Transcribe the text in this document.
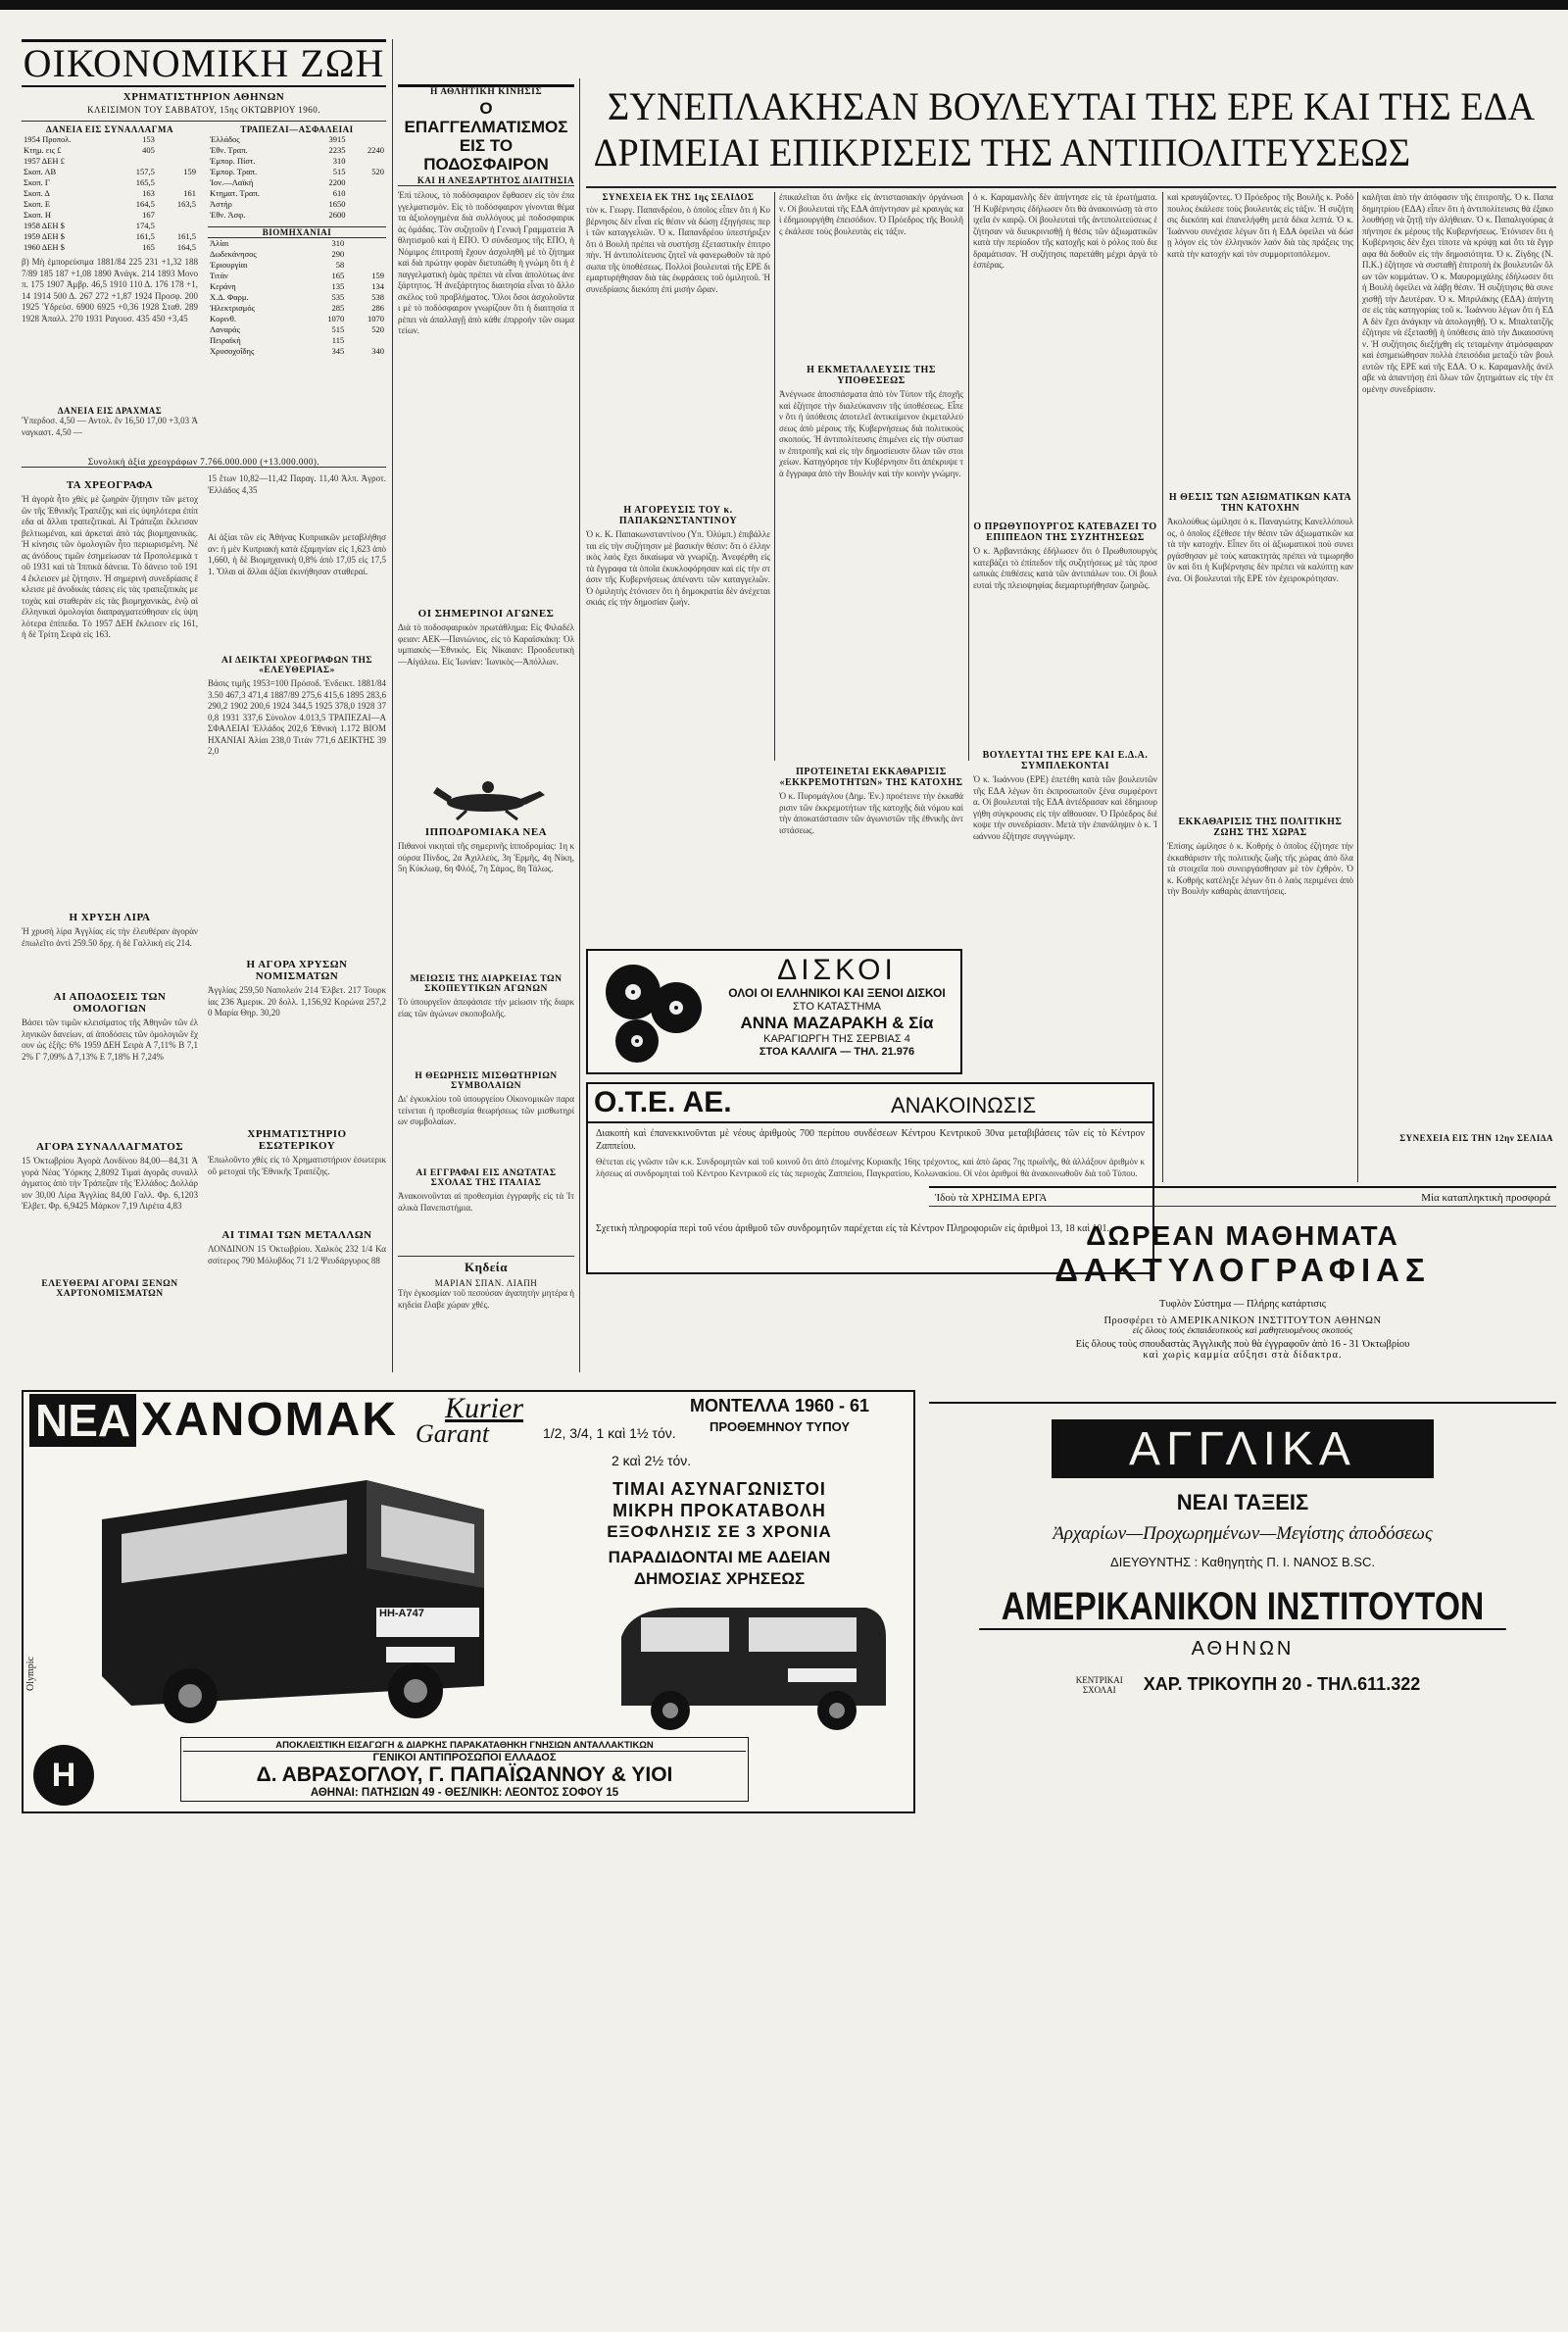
ΟΙΚΟΝΟΜΙΚΗ ΖΩΗ
ΧΡΗΜΑΤΙΣΤΗΡΙΟΝ ΑΘΗΝΩΝ
ΚΛΕΙΣΙΜΟΝ ΤΟΥ ΣΑΒΒΑΤΟΥ, 15ης ΟΚΤΩΒΡΙΟΥ 1960.
ΔΑΝΕΙΑ ΕΙΣ ΣΥΝΑΛΛΑΓΜΑ
1954 Προπολ.	153	
Κτημ. εις £	405	
1957 ΔΕΗ £		
Σκοπ. ΑΒ	157,5	159
Σκοπ. Γ	165,5	
Σκοπ. Δ	163	161
Σκοπ. Ε	164,5	163,5
Σκοπ. Η	167	
1958 ΔΕΗ $	174,5	
1959 ΔΕΗ $	161,5	161,5
1960 ΔΕΗ $	165	164,5
β) Μὴ ἐμπορεύσιμα 1881/84 225 231 +1,32 1887/89 185 187 +1,08 1890 Ἀνάγκ. 214 1893 Μονοπ. 175 1907 Ἀμβρ. 46,5 1910 110 Δ. 176 178 +1,14 1914 500 Δ. 267 272 +1,87 1924 Προσφ. 200 1925 Ὑδρεύσ. 6900 6925 +0,36 1928 Σταθ. 289 1928 Ἀπαλλ. 270 1931 Ραγουσ. 435 450 +3,45
ΔΑΝΕΙΑ ΕΙΣ ΔΡΑΧΜΑΣ
Ὑπερδοσ. 4,50 — Αντολ. ἔν 16,50 17,00 +3,03 Ἀναγκαστ. 4,50 —
ΤΡΑΠΕΖΑΙ—ΑΣΦΑΛΕΙΑΙ
Ἑλλάδος	3915	
Ἐθν. Τραπ.	2235	2240
Ἐμπορ. Πίστ.	310	
Ἐμπορ. Τραπ.	515	520
Ἰον.—Λαϊκή	2200	
Κτηματ. Τραπ.	610	
Ἀστήρ	1650	
Ἐθν. Ἀσφ.	2600	
ΒΙΟΜΗΧΑΝΙΑΙ
Ἀλίαι	310	
Δωδεκάνησος	290	
Ἐριουργίαι	58	
Τιτάν	165	159
Κεράνη	135	134
Χ.Δ. Φαρμ.	535	538
Ἠλεκτρισμός	285	286
Κορινθ.	1070	1070
Λαναράς	515	520
Πειραϊκή	115	
Χρυσοχοΐδης	345	340
Συνολικὴ ἀξία χρεογράφων 7.766.000.000 (+13.000.000).
ΤΑ ΧΡΕΟΓΡΑΦΑ
Ἡ ἀγορὰ ἦτο χθὲς μὲ ζωηρὰν ζήτησιν τῶν μετοχῶν τῆς Ἐθνικῆς Τραπέζης καὶ εἰς ὑψηλότερα ἐπίπεδα αἱ ἄλλαι τραπεζιτικαὶ. Αἱ Τράπεζαι ἔκλεισαν βελτιωμέναι, καὶ ἀρκεταὶ ἀπὸ τὰς βιομηχανικὰς. Ἡ κίνησις τῶν ὁμολογιῶν ἦτο περιωρισμένη. Νέας ἀνόδους τιμῶν ἐσημείωσαν τὰ Προπολεμικὰ τοῦ 1931 καὶ τὰ Ἰππικὰ δάνεια. Τὸ δάνειο τοῦ 1914 ἔκλεισεν μὲ ζήτησιν. Ἡ σημερινὴ συνεδρίασις ἔκλεισε μὲ ἀνοδικὰς τάσεις εἰς τὰς τραπεζιτικὰς μετοχὰς καὶ σταθερὰν εἰς τὰς βιομηχανικὰς, ἐνῷ αἱ ἐλληνικαὶ ὁμολογίαι διαπραγματεύθησαν εἰς ὑψηλότερα ἐπίπεδα. Τὸ 1957 ΔΕΗ ἔκλεισεν εἰς 161, ἡ δὲ Τρίτη Σειρὰ εἰς 163.
Η ΧΡΥΣΗ ΛΙΡΑ
Ἡ χρυσὴ λίρα Ἀγγλίας εἰς τὴν ἐλευθέραν ἀγορὰν ἐπωλεῖτο ἀντὶ 259.50 δρχ. ἡ δὲ Γαλλικὴ εἰς 214.
ΑΙ ΑΠΟΔΟΣΕΙΣ ΤΩΝ ΟΜΟΛΟΓΙΩΝ
Βάσει τῶν τιμῶν κλεισίματος τῆς Ἀθηνῶν τῶν ἐλληνικῶν δανείων, αἱ ἀποδόσεις τῶν ὁμολογιῶν ἔχουν ὡς ἑξῆς: 6% 1959 ΔΕΗ Σειρὰ Α 7,11% Β 7,12% Γ 7,09% Δ 7,13% Ε 7,18% Η 7,24%
ΑΓΟΡΑ ΣΥΝΑΛΛΑΓΜΑΤΟΣ
15 Ὀκτωβρίου Ἀγορὰ Λονδίνου 84,00—84,31 Ἀγορὰ Νέας Ὑόρκης 2,8092 Τιμαὶ ἀγορᾶς συναλλάγματος ἀπὸ τὴν Τράπεζαν τῆς Ἑλλάδος: Δολλάριον 30,00 Λίρα Ἀγγλίας 84,00 Γαλλ. Φρ. 6,1203 Ἐλβετ. Φρ. 6,9425 Μάρκον 7,19 Λιρέτα 4,83
ΕΛΕΥΘΕΡΑΙ ΑΓΟΡΑΙ ΞΕΝΩΝ ΧΑΡΤΟΝΟΜΙΣΜΑΤΩΝ
15 ἔτων 10,82—11,42 Παραγ. 11,40 Ἀλπ. Ἀγροτ. Ἑλλάδος 4,35
Αἱ ἀξίαι τῶν εἰς Ἀθήνας Κυπριακῶν μεταβλήθησαν: ἡ μὲν Κυπριακὴ κατὰ ἑξαμηνίαν εἰς 1,623 ἀπὸ 1,660, ἡ δὲ Βιομηχανικὴ 0,8% ἀπὸ 17,05 εἰς 17,51. Ὅλαι αἱ ἄλλαι ἀξίαι ἐκινήθησαν σταθεραί.
ΑΙ ΔΕΙΚΤΑΙ ΧΡΕΟΓΡΑΦΩΝ ΤΗΣ «ΕΛΕΥΘΕΡΙΑΣ»
Βάσις τιμῆς 1953=100 Πρόσοδ. Ἐνδεικτ. 1881/84 3.50 467,3 471,4 1887/89 275,6 415,6 1895 283,6 290,2 1902 200,6 1924 344,5 1925 378,0 1928 370,8 1931 337,6 Σύνολον 4.013,5 ΤΡΑΠΕΖΑΙ—ΑΣΦΑΛΕΙΑΙ Ἑλλάδος 202,6 Ἐθνικὴ 1.172 ΒΙΟΜΗΧΑΝΙΑΙ Ἀλίαι 238,0 Τιτάν 771,6 ΔΕΙΚΤΗΣ 392,0
Η ΑΓΟΡΑ ΧΡΥΣΩΝ ΝΟΜΙΣΜΑΤΩΝ
Ἀγγλίας 259,50 Ναπολεόν 214 Ἐλβετ. 217 Τουρκίας 236 Ἀμερικ. 20 δολλ. 1,156,92 Κορώνα 257,20 Μαρία Θηρ. 30,20
ΧΡΗΜΑΤΙΣΤΗΡΙΟ ΕΣΩΤΕΡΙΚΟΥ
Ἐπωλοῦντο χθὲς εἰς τὸ Χρηματιστήριον ἐσωτερικοῦ μετοχαὶ τῆς Ἐθνικῆς Τραπέζης.
ΑΙ ΤΙΜΑΙ ΤΩΝ ΜΕΤΑΛΛΩΝ
ΛΟΝΔΙΝΟΝ 15 Ὀκτωβρίου. Χαλκὸς 232 1/4 Κασσίτερος 790 Μόλυβδος 71 1/2 Ψευδάργυρος 88
Η ΑΘΛΗΤΙΚΗ ΚΙΝΗΣΙΣ
Ο ΕΠΑΓΓΕΛΜΑΤΙΣΜΟΣ ΕΙΣ ΤΟ ΠΟΔΟΣΦΑΙΡΟΝ
ΚΑΙ Η ΑΝΕΞΑΡΤΗΤΟΣ ΔΙΑΙΤΗΣΙΑ
Ἐπὶ τέλους, τὸ ποδόσφαιρον ἔφθασεν εἰς τὸν ἐπαγγελματισμὸν. Εἰς τὸ ποδόσφαιρον γίνονται θέματα ἀξιολογημένα διὰ συλλόγους μὲ ποδοσφαιρικὰς ὁμάδας. Τὸν συζητοῦν ἡ Γενικὴ Γραμματεία Ἀθλητισμοῦ καὶ ἡ ΕΠΟ. Ὁ σύνδεσμος τῆς ΕΠΟ, ἡ Νόμιμος ἐπιτροπὴ ἔχουν ἀσχοληθῆ μὲ τὸ ζήτημα καὶ διὰ πρώτην φορὰν διετυπώθη ἡ γνώμη ὅτι ἡ ἐπαγγελματικὴ ὁμὰς πρέπει νὰ εἶναι ἀπολύτως ἀνεξάρτητος. Ἡ ἀνεξάρτητος διαιτησία εἶναι τὸ ἄλλο σκέλος τοῦ προβλήματος. Ὅλοι ὅσοι ἀσχολοῦνται μὲ τὸ ποδόσφαιρον γνωρίζουν ὅτι ἡ διαιτησία πρέπει νὰ ἀπαλλαγῇ ἀπὸ κάθε ἐπιρροὴν τῶν σωματείων.
ΟΙ ΣΗΜΕΡΙΝΟΙ ΑΓΩΝΕΣ
Διὰ τὸ ποδοσφαιρικὸν πρωτάθλημα: Εἰς Φιλαδέλφειαν: ΑΕΚ—Πανιώνιος, εἰς τὸ Καραϊσκάκη: Ὀλυμπιακὸς—Ἐθνικός. Εἰς Νίκαιαν: Προοδευτικὴ—Αἰγάλεω. Εἰς Ἰωνίαν: Ἰωνικὸς—Ἀπόλλων.
ΙΠΠΟΔΡΟΜΙΑΚΑ ΝΕΑ
Πιθανοὶ νικηταὶ τῆς σημερινῆς ἱπποδρομίας: 1η κούρσα Πίνδος, 2α Ἀχιλλεύς, 3η Ἑρμῆς, 4η Νίκη, 5η Κύκλωψ, 6η Φλόξ, 7η Σάμος, 8η Τάλως.
ΜΕΙΩΣΙΣ ΤΗΣ ΔΙΑΡΚΕΙΑΣ ΤΩΝ ΣΚΟΠΕΥΤΙΚΩΝ ΑΓΩΝΩΝ
Τὸ ὑπουργεῖον ἀπεφάσισε τὴν μείωσιν τῆς διαρκείας τῶν ἀγώνων σκοποβολῆς.
Η ΘΕΩΡΗΣΙΣ ΜΙΣΘΩΤΗΡΙΩΝ ΣΥΜΒΟΛΑΙΩΝ
Δι' ἐγκυκλίου τοῦ ὑπουργείου Οἰκονομικῶν παρατείνεται ἡ προθεσμία θεωρήσεως τῶν μισθωτηρίων συμβολαίων.
ΑΙ ΕΓΓΡΑΦΑΙ ΕΙΣ ΑΝΩΤΑΤΑΣ ΣΧΟΛΑΣ ΤΗΣ ΙΤΑΛΙΑΣ
Ἀνακοινοῦνται αἱ προθεσμίαι ἐγγραφῆς εἰς τὰ Ἰταλικὰ Πανεπιστήμια.
Κηδεία
ΜΑΡΙΑΝ ΣΠΑΝ. ΛΙΑΠΗ
Τὴν ἐγκοσμίαν τοῦ πεσούσαν ἀγαπητὴν μητέρα ἡ κηδεία ἔλαβε χώραν χθές.
ΣΥΝΕΠΛΑΚΗΣΑΝ ΒΟΥΛΕΥΤΑΙ ΤΗΣ ΕΡΕ ΚΑΙ ΤΗΣ ΕΔΑ
ΔΡΙΜΕΙΑΙ ΕΠΙΚΡΙΣΕΙΣ ΤΗΣ ΑΝΤΙΠΟΛΙΤΕΥΣΕΩΣ
ΣΥΝΕΧΕΙΑ ΕΚ ΤΗΣ 1ης ΣΕΛΙΔΟΣ
τὸν κ. Γεωργ. Παπανδρέου, ὁ ὁποῖος εἶπεν ὅτι ἡ Κυβέρνησις δὲν εἶναι εἰς θέσιν νὰ δώσῃ ἐξηγήσεις περὶ τῶν καταγγελιῶν. Ὁ κ. Παπανδρέου ὑπεστήριξεν ὅτι ὁ Βουλὴ πρέπει νὰ συστήσῃ ἐξεταστικὴν ἐπιτροπὴν. Ἡ ἀντιπολίτευσις ζητεῖ νὰ φανερωθοῦν τὰ πρόσωπα τῆς ὑποθέσεως. Πολλοὶ βουλευταὶ τῆς ΕΡΕ διεμαρτυρήθησαν διὰ τὰς ἐκφράσεις τοῦ ὁμιλητοῦ. Ἡ συνεδρίασις διεκόπη ἐπὶ μισὴν ὥραν.
Η ΑΓΟΡΕΥΣΙΣ ΤΟΥ κ. ΠΑΠΑΚΩΝΣΤΑΝΤΙΝΟΥ
Ὁ κ. Κ. Παπακωνσταντίνου (Υπ. Ὁλύμπ.) ἐπιβάλλεται εἰς τὴν συζήτησιν μὲ βασικὴν θέσιν: ὅτι ὁ ἐλληνικὸς λαὸς ἔχει δικαίωμα νὰ γνωρίζῃ. Ἀνεφέρθη εἰς τὰ ἔγγραφα τὰ ὁποῖα ἐκυκλοφόρησαν καὶ εἰς τὴν στάσιν τῆς Κυβερνήσεως ἀπέναντι τῶν καταγγελιῶν. Ὁ ὁμιλητὴς ἐτόνισεν ὅτι ἡ δημοκρατία δὲν ἀνέχεται σκιάς εἰς τὴν δημοσίαν ζωήν.
ἐπικαλεῖται ὅτι ἀνῆκε εἰς ἀντιστασιακὴν ὀργάνωσιν. Οἱ βουλευταὶ τῆς ΕΔΑ ἀπήντησαν μὲ κραυγάς καὶ ἐδημιουργήθη ἐπεισόδιον. Ὁ Πρόεδρος τῆς Βουλῆς ἐκάλεσε τοὺς βουλευτὰς εἰς τάξιν.
Η ΕΚΜΕΤΑΛΛΕΥΣΙΣ ΤΗΣ ΥΠΟΘΕΣΕΩΣ
Ἀνέγνωσε ἀποσπάσματα ἀπὸ τὸν Τύπον τῆς ἐποχῆς καὶ ἐζήτησε τὴν διαλεύκανσιν τῆς ὑποθέσεως. Εἶπεν ὅτι ἡ ὑπόθεσις ἀποτελεῖ ἀντικείμενον ἐκμεταλλεύσεως ἀπὸ μέρους τῆς Κυβερνήσεως διὰ πολιτικοὺς σκοπούς. Ἡ ἀντιπολίτευσις ἐπιμένει εἰς τὴν σύστασιν ἐπιτροπῆς καὶ εἰς τὴν δημοσίευσιν ὅλων τῶν στοιχείων. Κατηγόρησε τὴν Κυβέρνησιν ὅτι ἀπέκρυψε τὰ ἔγγραφα ἀπὸ τὴν Βουλήν καὶ τὴν κοινὴν γνώμην.
ὁ κ. Καραμανλῆς δὲν ἀπήντησε εἰς τὰ ἐρωτήματα. Ἡ Κυβέρνησις ἐδήλωσεν ὅτι θὰ ἀνακοινώσῃ τὰ στοιχεῖα ἐν καιρῷ. Οἱ βουλευταὶ τῆς ἀντιπολιτεύσεως ἐζήτησαν νὰ διευκρινισθῇ ἡ θέσις τῶν ἀξιωματικῶν κατὰ τὴν περίοδον τῆς κατοχῆς καὶ ὁ ρόλος ποὺ διεδραμάτισαν. Ἡ συζήτησις παρετάθη μέχρι ἀργὰ τὸ ἑσπέρας.
Ο ΠΡΩΘΥΠΟΥΡΓΟΣ ΚΑΤΕΒΑΖΕΙ ΤΟ ΕΠΙΠΕΔΟΝ ΤΗΣ ΣΥΖΗΤΗΣΕΩΣ
Ὁ κ. Ἀρβανιτάκης ἐδήλωσεν ὅτι ὁ Πρωθυπουργὸς κατεβάζει τὸ ἐπίπεδον τῆς συζητήσεως μὲ τὰς προσωπικὰς ἐπιθέσεις κατὰ τῶν ἀντιπάλων του. Οἱ βουλευταὶ τῆς πλειοψηφίας διεμαρτυρήθησαν ζωηρῶς.
ΒΟΥΛΕΥΤΑΙ ΤΗΣ ΕΡΕ ΚΑΙ Ε.Δ.Α. ΣΥΜΠΛΕΚΟΝΤΑΙ
Ὁ κ. Ἰωάννου (ΕΡΕ) ἐπετέθη κατὰ τῶν βουλευτῶν τῆς ΕΔΑ λέγων ὅτι ἐκπροσωποῦν ξένα συμφέροντα. Οἱ βουλευταὶ τῆς ΕΔΑ ἀντέδρασαν καὶ ἐδημιουργήθη σύγκρουσις εἰς τὴν αἴθουσαν. Ὁ Πρόεδρος διέκοψε τὴν συνεδρίασιν. Μετὰ τὴν ἐπανάληψιν ὁ κ. Ἰωάννου ἐζήτησε συγγνώμην.
καὶ κραυγάζοντες. Ὁ Πρόεδρος τῆς Βουλῆς κ. Ροδόπουλος ἐκάλεσε τοὺς βουλευτὰς εἰς τάξιν. Ἡ συζήτησις διεκόπη καὶ ἐπανελήφθη μετὰ δέκα λεπτά. Ὁ κ. Ἰωάννου συνέχισε λέγων ὅτι ἡ ΕΔΑ ὀφείλει νὰ δώσῃ λόγον εἰς τὸν ἑλληνικὸν λαόν διὰ τὰς πράξεις της κατὰ τὴν κατοχήν καὶ τὸν συμμοριτοπόλεμον.
Η ΘΕΣΙΣ ΤΩΝ ΑΞΙΩΜΑΤΙΚΩΝ ΚΑΤΑ ΤΗΝ ΚΑΤΟΧΗΝ
Ἀκολούθως ὡμίλησε ὁ κ. Παναγιώτης Κανελλόπουλος, ὁ ὁποῖος ἐξέθεσε τὴν θέσιν τῶν ἀξιωματικῶν κατὰ τὴν κατοχήν. Εἶπεν ὅτι οἱ ἀξιωματικοὶ ποὺ συνειργάσθησαν μὲ τοὺς κατακτητὰς πρέπει νὰ τιμωρηθοῦν καὶ ὅτι ἡ Κυβέρνησις δὲν πρέπει νὰ καλύπτῃ κανένα. Οἱ βουλευταὶ τῆς ΕΡΕ τὸν ἐχειροκρότησαν.
ΕΚΚΑΘΑΡΙΣΙΣ ΤΗΣ ΠΟΛΙΤΙΚΗΣ ΖΩΗΣ ΤΗΣ ΧΩΡΑΣ
Ἐπίσης ὡμίλησε ὁ κ. Κοθρής ὁ ὁποῖος ἐζήτησε τὴν ἐκκαθάρισιν τῆς πολιτικῆς ζωῆς τῆς χώρας ἀπὸ ὅλα τὰ στοιχεῖα ποὺ συνειργάσθησαν μὲ τὸν ἐχθρὸν. Ὁ κ. Κοθρής κατέληξε λέγων ὅτι ὁ λαὸς περιμένει ἀπὸ τὴν Βουλὴν καθαρὰς ἀπαντήσεις.
καλῆται ἀπὸ τὴν ἀπόφασιν τῆς ἐπιτροπῆς. Ὁ κ. Παπαδημητρίου (ΕΔΑ) εἶπεν ὅτι ἡ ἀντιπολίτευσις θὰ ἐξακολουθήσῃ νὰ ζητῇ τὴν ἀλήθειαν. Ὁ κ. Παπαλιγούρας ἀπήντησε ἐκ μέρους τῆς Κυβερνήσεως. Ἐτόνισεν ὅτι ἡ Κυβέρνησις δὲν ἔχει τίποτε νὰ κρύψῃ καὶ ὅτι τὰ ἔγγραφα θὰ δοθοῦν εἰς τὴν δημοσιότητα. Ὁ κ. Ζίγδης (Ν.Π.Κ.) ἐζήτησε νὰ συσταθῇ ἐπιτροπὴ ἐκ βουλευτῶν ὅλων τῶν κομμάτων. Ὁ κ. Μαυρομιχάλης ἐδήλωσεν ὅτι ἡ Βουλὴ ὀφείλει νὰ λάβῃ θέσιν. Ἡ συζήτησις θὰ συνεχισθῇ τὴν Δευτέραν. Ὁ κ. Μπριλάκης (ΕΔΑ) ἀπήντησε εἰς τὰς κατηγορίας τοῦ κ. Ἰωάννου λέγων ὅτι ἡ ΕΔΑ δὲν ἔχει ἀνάγκην νὰ ἀπολογηθῇ. Ὁ κ. Μπαλτατζῆς ἐζήτησε νὰ ἐξετασθῇ ἡ ὑπόθεσις ἀπὸ τὴν Δικαιοσύνην. Ἡ συζήτησις διεξήχθη εἰς τεταμένην ἀτμόσφαιραν καὶ ἐσημειώθησαν πολλὰ ἐπεισόδια μεταξὺ τῶν βουλευτῶν τῆς ΕΡΕ καὶ τῆς ΕΔΑ. Ὁ κ. Καραμανλῆς ἀνέλαβε νὰ ἀπαντήσῃ ἐπὶ ὅλων τῶν ζητημάτων εἰς τὴν ἑπομένην συνεδρίασιν.
ΣΥΝΕΧΕΙΑ ΕΙΣ ΤΗΝ 12ην ΣΕΛΙΔΑ
ΠΡΟΤΕΙΝΕΤΑΙ ΕΚΚΑΘΑΡΙΣΙΣ «ΕΚΚΡΕΜΟΤΗΤΩΝ» ΤΗΣ ΚΑΤΟΧΗΣ
Ὁ κ. Πυρομάγλου (Δημ. Ἑν.) προέτεινε τὴν ἐκκαθάρισιν τῶν ἐκκρεμοτήτων τῆς κατοχῆς διὰ νόμου καὶ τὴν ἀποκατάστασιν τῶν ἀγωνιστῶν τῆς ἐθνικῆς ἀντιστάσεως.
ΔΙΣΚΟΙ
ΟΛΟΙ ΟΙ ΕΛΛΗΝΙΚΟΙ ΚΑΙ ΞΕΝΟΙ ΔΙΣΚΟΙ
ΣΤΟ ΚΑΤΑΣΤΗΜΑ
ΑΝΝΑ ΜΑΖΑΡΑΚΗ & Σία
ΚΑΡΑΓΙΩΡΓΗ ΤΗΣ ΣΕΡΒΙΑΣ 4
ΣΤΟΑ ΚΑΛΛΙΓΑ — ΤΗΛ. 21.976
Ο.Τ.Ε. ΑΕ.	ΑΝΑΚΟΙΝΩΣΙΣ
Διακοπὴ καὶ ἐπανεκκινοῦνται μὲ νέους ἀριθμοὺς 700 περίπου συνδέσεων Κέντρου Κεντρικοῦ 30να μεταβιβάσεις τῶν είς τὸ Κέντρον Ζαππείου.
Θέτεται εἰς γνῶσιν τῶν κ.κ. Συνδρομητῶν καὶ τοῦ κοινοῦ ὅτι ἀπὸ ἐπομένης Κυριακῆς 16ης τρέχοντος, καὶ ἀπὸ ὥρας 7ης πρωϊνῆς, θὰ ἀλλάξουν ἀριθμὸν κλήσεως αἱ συνδρομηταὶ τοῦ Κέντρου Κεντρικοῦ εἰς τὰς περιοχὰς Ζαππείου, Παγκρατίου, Κολωνακίου. Οἱ νέοι ἀριθμοὶ θὰ ἀνακοινωθοῦν διὰ τοῦ Τύπου.
Σχετικὴ πληροφορία περὶ τοῦ νέου ἀριθμοῦ τῶν συνδρομητῶν παρέχεται εἰς τὰ Κέντρον Πληροφοριῶν εἰς ἀριθμοὶ 13, 18 καὶ 101.
Ἰδοὺ τὰ ΧΡΗΣΙΜΑ ΕΡΓΑ	Μία καταπληκτικὴ προσφορά
ΔΩΡΕΑΝ ΜΑΘΗΜΑΤΑ
ΔΑΚΤΥΛΟΓΡΑΦΙΑΣ
Τυφλὸν Σύστημα — Πλήρης κατάρτισις
Προσφέρει τὸ ΑΜΕΡΙΚΑΝΙΚΟΝ ΙΝΣΤΙΤΟΥΤΟΝ ΑΘΗΝΩΝ
εἰς ὅλους τοὺς ἐκπαιδευτικοὺς καὶ μαθητευομένους σκοπούς
Εἰς ὅλους τοὺς σπουδαστὰς Ἀγγλικῆς ποὺ θὰ ἐγγραφοῦν ἀπὸ 16 - 31 Ὀκτωβρίου
καὶ χωρὶς καμμία αὔξησι στὰ δίδακτρα.
ΑΓΓΛΙΚΑ
ΝΕΑΙ ΤΑΞΕΙΣ
Ἀρχαρίων—Προχωρημένων—Μεγίστης ἀποδόσεως
ΔΙΕΥΘΥΝΤΗΣ : Καθηγητὴς Π. Ι. ΝΑΝΟΣ B.SC.
ΑΜΕΡΙΚΑΝΙΚΟΝ ΙΝΣΤΙΤΟΥΤΟΝ
ΑΘΗΝΩΝ
ΚΕΝΤΡΙΚΑΙ ΣΧΟΛΑΙ	ΧΑΡ. ΤΡΙΚΟΥΠΗ 20 - ΤΗΛ.611.322
ΝΕΑ ΧΑΝΟΜΑΚ Kurier
Garant
ΜΟΝΤΕΛΛΑ 1960 - 61
ΠΡΟΘΕΜΗΝΟΥ ΤΥΠΟΥ
1/2, 3/4, 1 καὶ 1½ τόν.
2 καὶ 2½ τόν.
ΤΙΜΑΙ ΑΣΥΝΑΓΩΝΙΣΤΟΙ
ΜΙΚΡΗ ΠΡΟΚΑΤΑΒΟΛΗ
ΕΞΟΦΛΗΣΙΣ ΣΕ 3 ΧΡΟΝΙΑ
ΠΑΡΑΔΙΔΟΝΤΑΙ ΜΕ ΑΔΕΙΑΝ
ΔΗΜΟΣΙΑΣ ΧΡΗΣΕΩΣ
ΗΗ-Α747
Olympic
H
ΑΠΟΚΛΕΙΣΤΙΚΗ ΕΙΣΑΓΩΓΗ & ΔΙΑΡΚΗΣ ΠΑΡΑΚΑΤΑΘΗΚΗ ΓΝΗΣΙΩΝ ΑΝΤΑΛΛΑΚΤΙΚΩΝ
ΓΕΝΙΚΟΙ ΑΝΤΙΠΡΟΣΩΠΟΙ ΕΛΛΑΔΟΣ
Δ. ΑΒΡΑΣΟΓΛΟΥ, Γ. ΠΑΠΑΪΩΑΝΝΟΥ & ΥΙΟΙ
ΑΘΗΝΑΙ: ΠΑΤΗΣΙΩΝ 49 - ΘΕΣ/ΝΙΚΗ: ΛΕΟΝΤΟΣ ΣΟΦΟΥ 15
